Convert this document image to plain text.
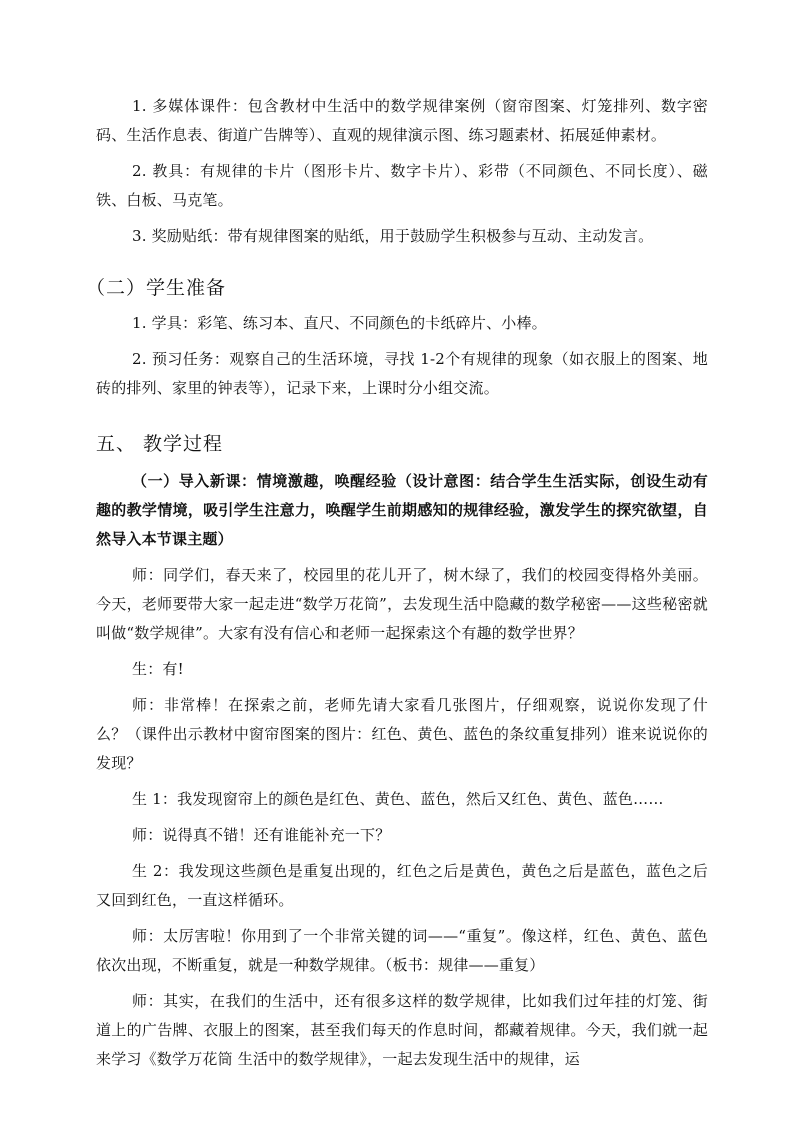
1. 多媒体课件：包含教材中生活中的数学规律案例（窗帘图案、灯笼排列、数字密码、生活作息表、街道广告牌等）、直观的规律演示图、练习题素材、拓展延伸素材。

2. 教具：有规律的卡片（图形卡片、数字卡片）、彩带（不同颜色、不同长度）、磁铁、白板、马克笔。

3. 奖励贴纸：带有规律图案的贴纸，用于鼓励学生积极参与互动、主动发言。

（二）学生准备

1. 学具：彩笔、练习本、直尺、不同颜色的卡纸碎片、小棒。

2. 预习任务：观察自己的生活环境，寻找 1-2个有规律的现象（如衣服上的图案、地砖的排列、家里的钟表等），记录下来，上课时分小组交流。

五、 教学过程

（一）导入新课：情境激趣，唤醒经验（设计意图：结合学生生活实际，创设生动有趣的教学情境，吸引学生注意力，唤醒学生前期感知的规律经验，激发学生的探究欲望，自然导入本节课主题）

师：同学们，春天来了，校园里的花儿开了，树木绿了，我们的校园变得格外美丽。今天，老师要带大家一起走进“数学万花筒”，去发现生活中隐藏的数学秘密——这些秘密就叫做“数学规律”。大家有没有信心和老师一起探索这个有趣的数学世界？

生：有!

师：非常棒！在探索之前，老师先请大家看几张图片，仔细观察，说说你发现了什么？（课件出示教材中窗帘图案的图片：红色、黄色、蓝色的条纹重复排列）谁来说说你的发现？

生 1：我发现窗帘上的颜色是红色、黄色、蓝色，然后又红色、黄色、蓝色……

师：说得真不错！还有谁能补充一下？

生 2：我发现这些颜色是重复出现的，红色之后是黄色，黄色之后是蓝色，蓝色之后又回到红色，一直这样循环。

师：太厉害啦！你用到了一个非常关键的词——“重复”。像这样，红色、黄色、蓝色依次出现，不断重复，就是一种数学规律。（板书：规律——重复）

师：其实，在我们的生活中，还有很多这样的数学规律，比如我们过年挂的灯笼、街道上的广告牌、衣服上的图案，甚至我们每天的作息时间，都藏着规律。今天，我们就一起来学习《数学万花筒 生活中的数学规律》，一起去发现生活中的规律，运
